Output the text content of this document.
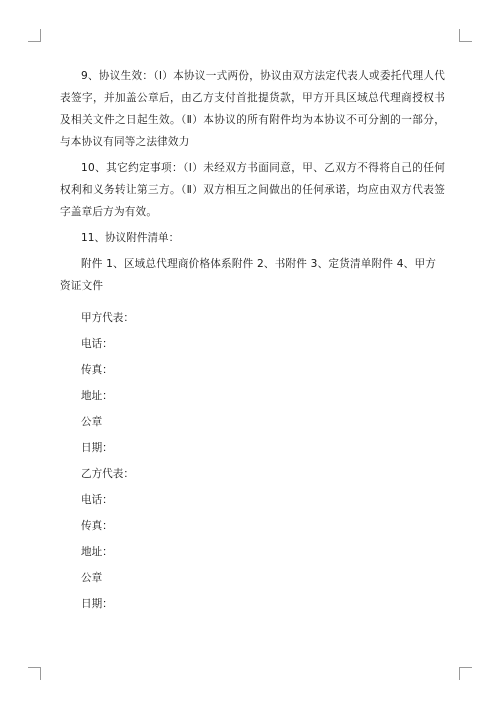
9、协议生效：（Ⅰ）本协议一式两份，协议由双方法定代表人或委托代理人代表签字，并加盖公章后，由乙方支付首批提货款，甲方开具区域总代理商授权书及相关文件之日起生效。（Ⅱ）本协议的所有附件均为本协议不可分割的一部分，与本协议有同等之法律效力

10、其它约定事项：（Ⅰ）未经双方书面同意，甲、乙双方不得将自己的任何权利和义务转让第三方。（Ⅱ）双方相互之间做出的任何承诺，均应由双方代表签字盖章后方为有效。

11、协议附件清单：

附件 1、区域总代理商价格体系附件 2、书附件 3、定货清单附件 4、甲方资证文件

甲方代表：
电话：
传真：
地址：
公章
日期：
乙方代表：
电话：
传真：
地址：
公章
日期：
